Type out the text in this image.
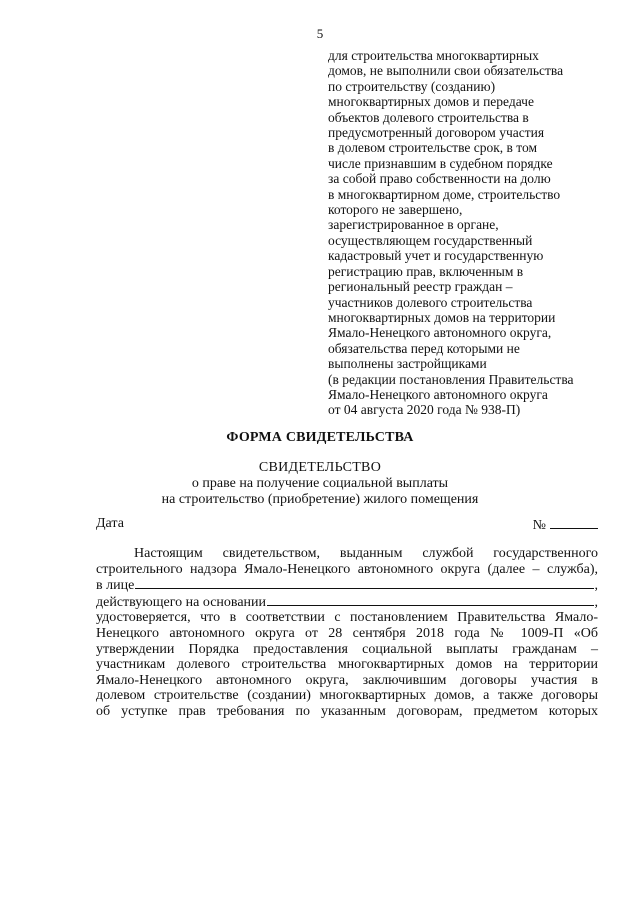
5
для строительства многоквартирных
домов, не выполнили свои обязательства
по строительству (созданию)
многоквартирных домов и передаче
объектов долевого строительства в
предусмотренный договором участия
в долевом строительстве срок, в том
числе признавшим в судебном порядке
за собой право собственности на долю
в многоквартирном доме, строительство
которого не завершено,
зарегистрированное в органе,
осуществляющем государственный
кадастровый учет и государственную
регистрацию прав, включенным в
региональный реестр граждан –
участников долевого строительства
многоквартирных домов на территории
Ямало-Ненецкого автономного округа,
обязательства перед которыми не
выполнены застройщиками
(в редакции постановления Правительства
Ямало-Ненецкого автономного округа
от 04 августа 2020 года № 938-П)
ФОРМА СВИДЕТЕЛЬСТВА
СВИДЕТЕЛЬСТВО
о праве на получение социальной выплаты
на строительство (приобретение) жилого помещения
Дата	№
Настоящим свидетельством, выданным службой государственного
строительного надзора Ямало-Ненецкого автономного округа (далее – служба),
в лице	,
действующего на основании	,
удостоверяется, что в соответствии с постановлением Правительства Ямало-
Ненецкого автономного округа от 28 сентября 2018 года № 1009-П «Об
утверждении Порядка предоставления социальной выплаты гражданам –
участникам долевого строительства многоквартирных домов на территории
Ямало-Ненецкого автономного округа, заключившим договоры участия в
долевом строительстве (создании) многоквартирных домов, а также договоры
об уступке прав требования по указанным договорам, предметом которых
